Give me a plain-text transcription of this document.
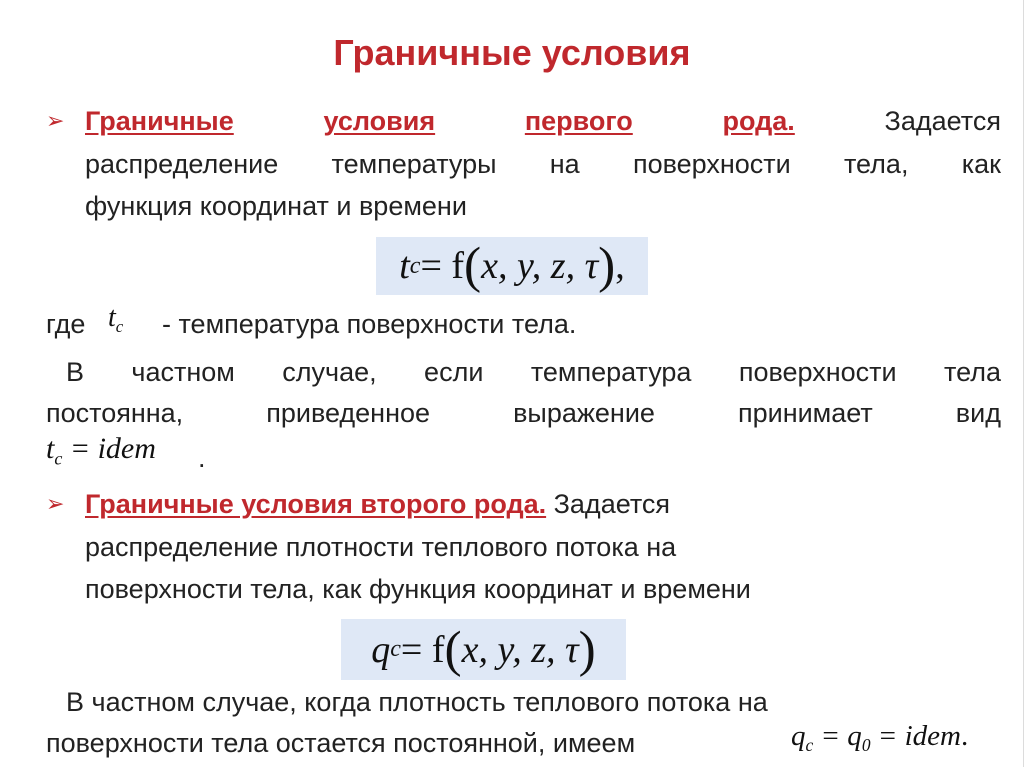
Граничные условия
➢ Граничные	условия	первого	рода.	Задается
распределение температуры на поверхности тела, как
функция координат и времени
t c = f ( x, y, z, τ ) ,
где $t_c$ - температура поверхности тела.
В частном случае, если температура поверхности тела
постоянна,	приведенное	выражение	принимает	вид
$t_c$ = idem .
➢ Граничные условия второго рода. Задается
распределение плотности теплового потока на
поверхности тела, как функция координат и времени
q c = f ( x, y, z, τ )
В частном случае, когда плотность теплового потока на
поверхности тела остается постоянной, имеем	$q_c = q_0$ = idem.
